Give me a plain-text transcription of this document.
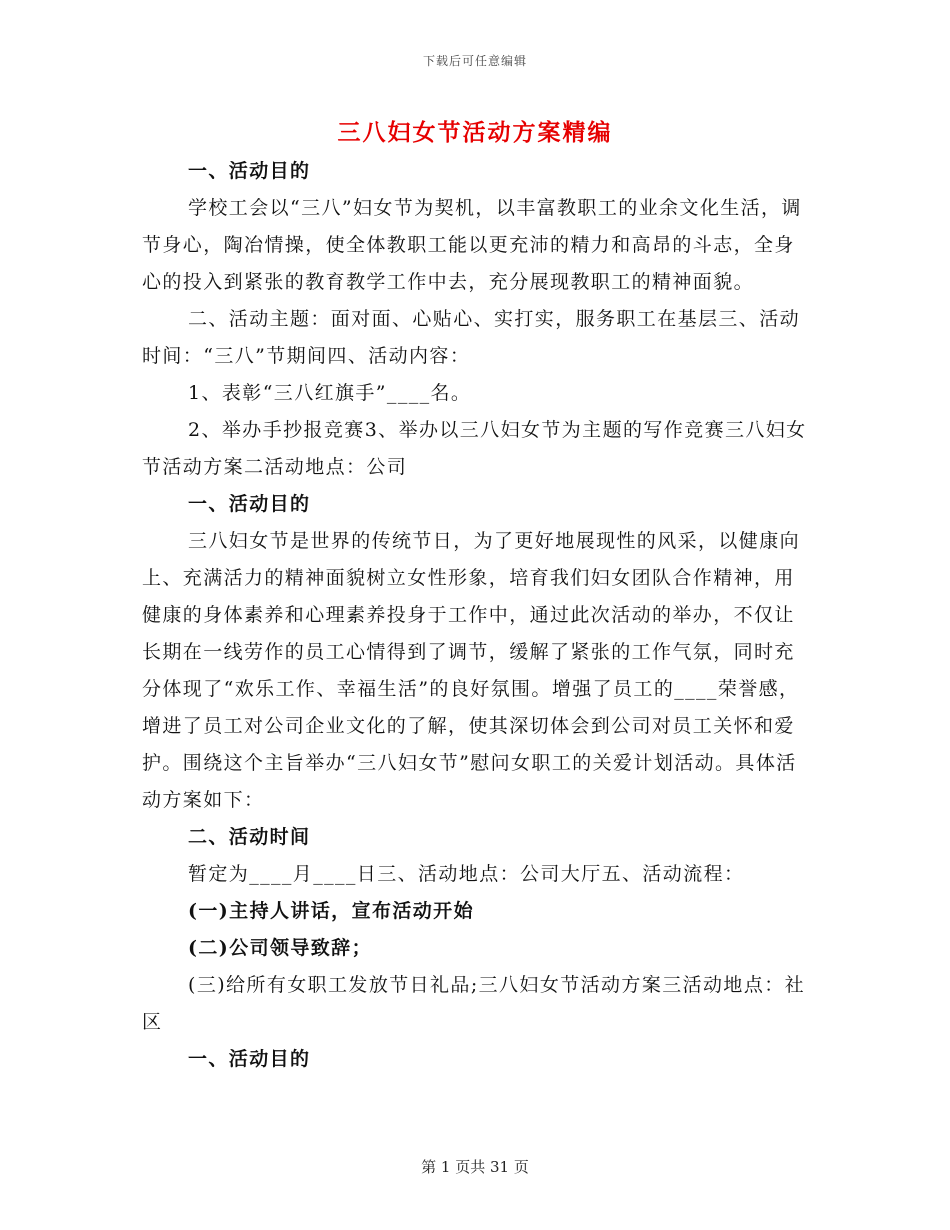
下载后可任意编辑
三八妇女节活动方案精编

一、活动目的

学校工会以“三八”妇女节为契机，以丰富教职工的业余文化生活，调节身心，陶冶情操，使全体教职工能以更充沛的精力和高昂的斗志，全身心的投入到紧张的教育教学工作中去，充分展现教职工的精神面貌。

二、活动主题：面对面、心贴心、实打实，服务职工在基层三、活动时间：“三八”节期间四、活动内容：

1、表彰“三八红旗手”____名。

2、举办手抄报竞赛3、举办以三八妇女节为主题的写作竞赛三八妇女节活动方案二活动地点：公司

一、活动目的

三八妇女节是世界的传统节日，为了更好地展现性的风采，以健康向上、充满活力的精神面貌树立女性形象，培育我们妇女团队合作精神，用健康的身体素养和心理素养投身于工作中，通过此次活动的举办，不仅让长期在一线劳作的员工心情得到了调节，缓解了紧张的工作气氛，同时充分体现了“欢乐工作、幸福生活”的良好氛围。增强了员工的____荣誉感，增进了员工对公司企业文化的了解，使其深切体会到公司对员工关怀和爱护。围绕这个主旨举办“三八妇女节”慰问女职工的关爱计划活动。具体活动方案如下：

二、活动时间

暂定为____月____日三、活动地点：公司大厅五、活动流程：

(一)主持人讲话，宣布活动开始

(二)公司领导致辞；

(三)给所有女职工发放节日礼品;三八妇女节活动方案三活动地点：社区

一、活动目的

第 1 页共 31 页
